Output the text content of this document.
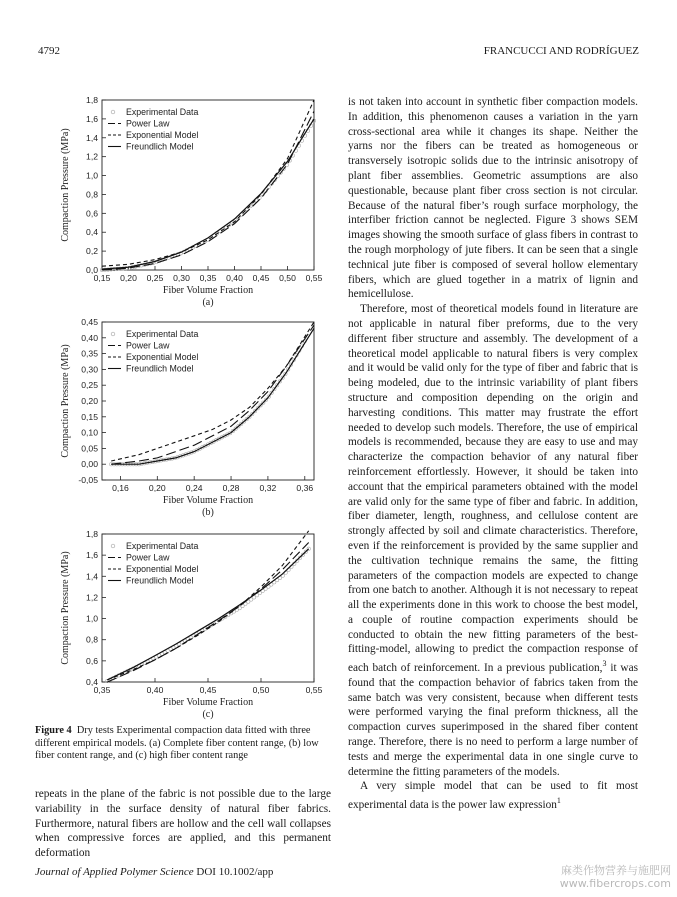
4792	FRANCUCCI AND RODRÍGUEZ
0,15 0,20 0,25 0,30 0,35 0,40 0,45 0,50 0,55
0,0
0,2
0,4
0,6
0,8
1,0
1,2
1,4
1,6
1,8
Fiber Volume Fraction
Compaction Pressure (MPa)
(a)
Experimental Data
Power Law
Exponential Model
Freundlich Model
0,16 0,20 0,24 0,28 0,32 0,36
-0,05
0,00
0,05
0,10
0,15
0,20
0,25
0,30
0,35
0,40
0,45
Fiber Volume Fraction
Compaction Pressure (MPa)
(b)
Experimental Data
Power Law
Exponential Model
Freundlich Model
0,35	0,40	0,45	0,50	0,55
0,4
0,6
0,8
1,0
1,2
1,4
1,6
1,8
Fiber Volume Fraction
Compaction Pressure (MPa)
(c)
Experimental Data
Power Law
Exponential Model
Freundlich Model
Figure 4 Dry tests Experimental compaction data fitted with three different empirical models. (a) Complete fiber content range, (b) low fiber content range, and (c) high fiber content range

repeats in the plane of the fabric is not possible due to the large variability in the surface density of natural fiber fabrics. Furthermore, natural fibers are hollow and the cell wall collapses when compressive forces are applied, and this permanent deformation

is not taken into account in synthetic fiber compaction models. In addition, this phenomenon causes a variation in the yarn cross-sectional area while it changes its shape. Neither the yarns nor the fibers can be treated as homogeneous or transversely isotropic solids due to the intrinsic anisotropy of plant fiber assemblies. Geometric assumptions are also questionable, because plant fiber cross section is not circular. Because of the natural fiber’s rough surface morphology, the interfiber friction cannot be neglected. Figure 3 shows SEM images showing the smooth surface of glass fibers in contrast to the rough morphology of jute fibers. It can be seen that a single technical jute fiber is composed of several hollow elementary fibers, which are glued together in a matrix of lignin and hemicellulose.

Therefore, most of theoretical models found in literature are not applicable in natural fiber preforms, due to the very different fiber structure and assembly. The development of a theoretical model applicable to natural fibers is very complex and it would be valid only for the type of fiber and fabric that is being modeled, due to the intrinsic variability of plant fibers structure and composition depending on the origin and harvesting conditions. This matter may frustrate the effort needed to develop such models. Therefore, the use of empirical models is recommended, because they are easy to use and may characterize the compaction behavior of any natural fiber reinforcement effortlessly. However, it should be taken into account that the empirical parameters obtained with the model are valid only for the same type of fiber and fabric. In addition, fiber diameter, length, roughness, and cellulose content are strongly affected by soil and climate characteristics. Therefore, even if the reinforcement is provided by the same supplier and the cultivation technique remains the same, the fitting parameters of the compaction models are expected to change from one batch to another. Although it is not necessary to repeat all the experiments done in this work to choose the best model, a couple of routine compaction experiments should be conducted to obtain the new fitting parameters of the best-fitting-model, allowing to predict the compaction response of each batch of reinforcement. In a previous publication,$^3$ it was found that the compaction behavior of fabrics taken from the same batch was very consistent, because when different tests were performed varying the final preform thickness, all the compaction curves superimposed in the shared fiber content range. Therefore, there is no need to perform a large number of tests and merge the experimental data in one single curve to determine the fitting parameters of the models.

A very simple model that can be used to fit most experimental data is the power law expression$^1$

Journal of Applied Polymer Science DOI 10.1002/app	麻类作物营养与施肥网
www.fibercrops.com
